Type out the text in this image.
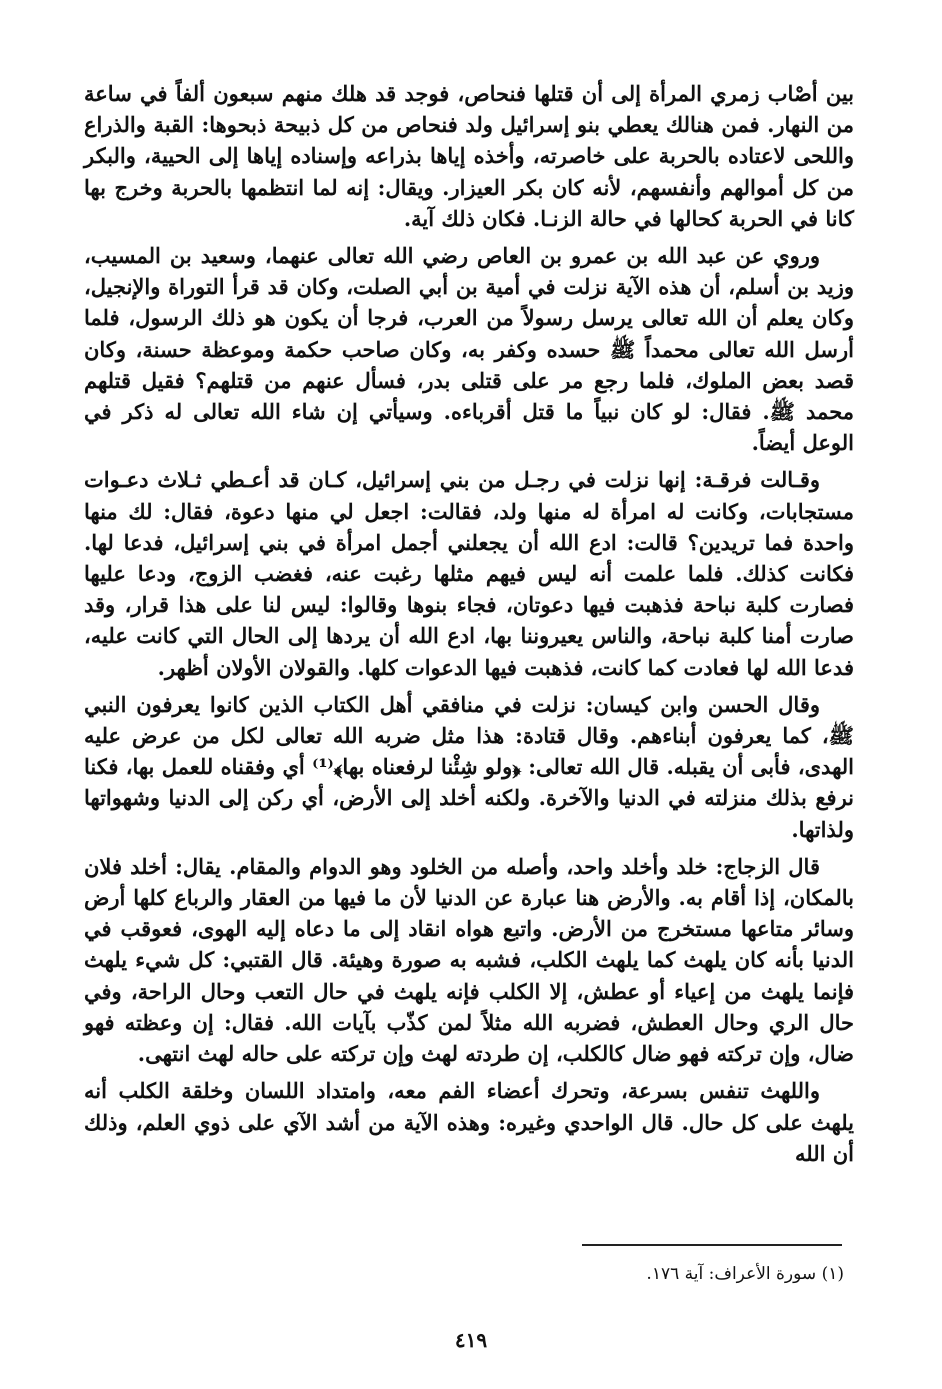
بين أصْاب زمري المرأة إلى أن قتلها فنحاص، فوجد قد هلك منهم سبعون ألفاً في ساعة من النهار. فمن هنالك يعطي بنو إسرائيل ولد فنحاص من كل ذبيحة ذبحوها: القبة والذراع واللحى لاعتاده بالحربة على خاصرته، وأخذه إياها بذراعه وإسناده إياها إلى الحيية، والبكر من كل أموالهم وأنفسهم، لأنه كان بكر العيزار. ويقال: إنه لما انتظمها بالحربة وخرج بها كانا في الحربة كحالها في حالة الزنـا. فكان ذلك آية.

وروي عن عبد الله بن عمرو بن العاص رضي الله تعالى عنهما، وسعيد بن المسيب، وزيد بن أسلم، أن هذه الآية نزلت في أمية بن أبي الصلت، وكان قد قرأ التوراة والإنجيل، وكان يعلم أن الله تعالى يرسل رسولاً من العرب، فرجا أن يكون هو ذلك الرسول، فلما أرسل الله تعالى محمداً ﷺ حسده وكفر به، وكان صاحب حكمة وموعظة حسنة، وكان قصد بعض الملوك، فلما رجع مر على قتلى بدر، فسأل عنهم من قتلهم؟ فقيل قتلهم محمد ﷺ. فقال: لو كان نبياً ما قتل أقرباءه. وسيأتي إن شاء الله تعالى له ذكر في الوعل أيضاً.

وقـالت فرقـة: إنها نزلت في رجـل من بني إسرائيل، كـان قد أعـطي ثـلاث دعـوات مستجابات، وكانت له امرأة له منها ولد، فقالت: اجعل لي منها دعوة، فقال: لك منها واحدة فما تريدين؟ قالت: ادع الله أن يجعلني أجمل امرأة في بني إسرائيل، فدعا لها. فكانت كذلك. فلما علمت أنه ليس فيهم مثلها رغبت عنه، فغضب الزوج، ودعا عليها فصارت كلبة نباحة فذهبت فيها دعوتان، فجاء بنوها وقالوا: ليس لنا على هذا قرار، وقد صارت أمنا كلبة نباحة، والناس يعيروننا بها، ادع الله أن يردها إلى الحال التي كانت عليه، فدعا الله لها فعادت كما كانت، فذهبت فيها الدعوات كلها. والقولان الأولان أظهر.

وقال الحسن وابن كيسان: نزلت في منافقي أهل الكتاب الذين كانوا يعرفون النبي ﷺ، كما يعرفون أبناءهم. وقال قتادة: هذا مثل ضربه الله تعالى لكل من عرض عليه الهدى، فأبى أن يقبله. قال الله تعالى: ﴿ولو شِئْنا لرفعناه بها﴾⁽¹⁾ أي وفقناه للعمل بها، فكنا نرفع بذلك منزلته في الدنيا والآخرة. ولكنه أخلد إلى الأرض، أي ركن إلى الدنيا وشهواتها ولذاتها.

قال الزجاج: خلد وأخلد واحد، وأصله من الخلود وهو الدوام والمقام. يقال: أخلد فلان بالمكان، إذا أقام به. والأرض هنا عبارة عن الدنيا لأن ما فيها من العقار والرباع كلها أرض وسائر متاعها مستخرج من الأرض. واتبع هواه انقاد إلى ما دعاه إليه الهوى، فعوقب في الدنيا بأنه كان يلهث كما يلهث الكلب، فشبه به صورة وهيئة. قال القتبي: كل شيء يلهث فإنما يلهث من إعياء أو عطش، إلا الكلب فإنه يلهث في حال التعب وحال الراحة، وفي حال الري وحال العطش، فضربه الله مثلاً لمن كذّب بآيات الله. فقال: إن وعظته فهو ضال، وإن تركته فهو ضال كالكلب، إن طردته لهث وإن تركته على حاله لهث انتهى.

واللهث تنفس بسرعة، وتحرك أعضاء الفم معه، وامتداد اللسان وخلقة الكلب أنه يلهث على كل حال. قال الواحدي وغيره: وهذه الآية من أشد الآي على ذوي العلم، وذلك أن الله

(١) سورة الأعراف: آية ١٧٦.
٤١٩
